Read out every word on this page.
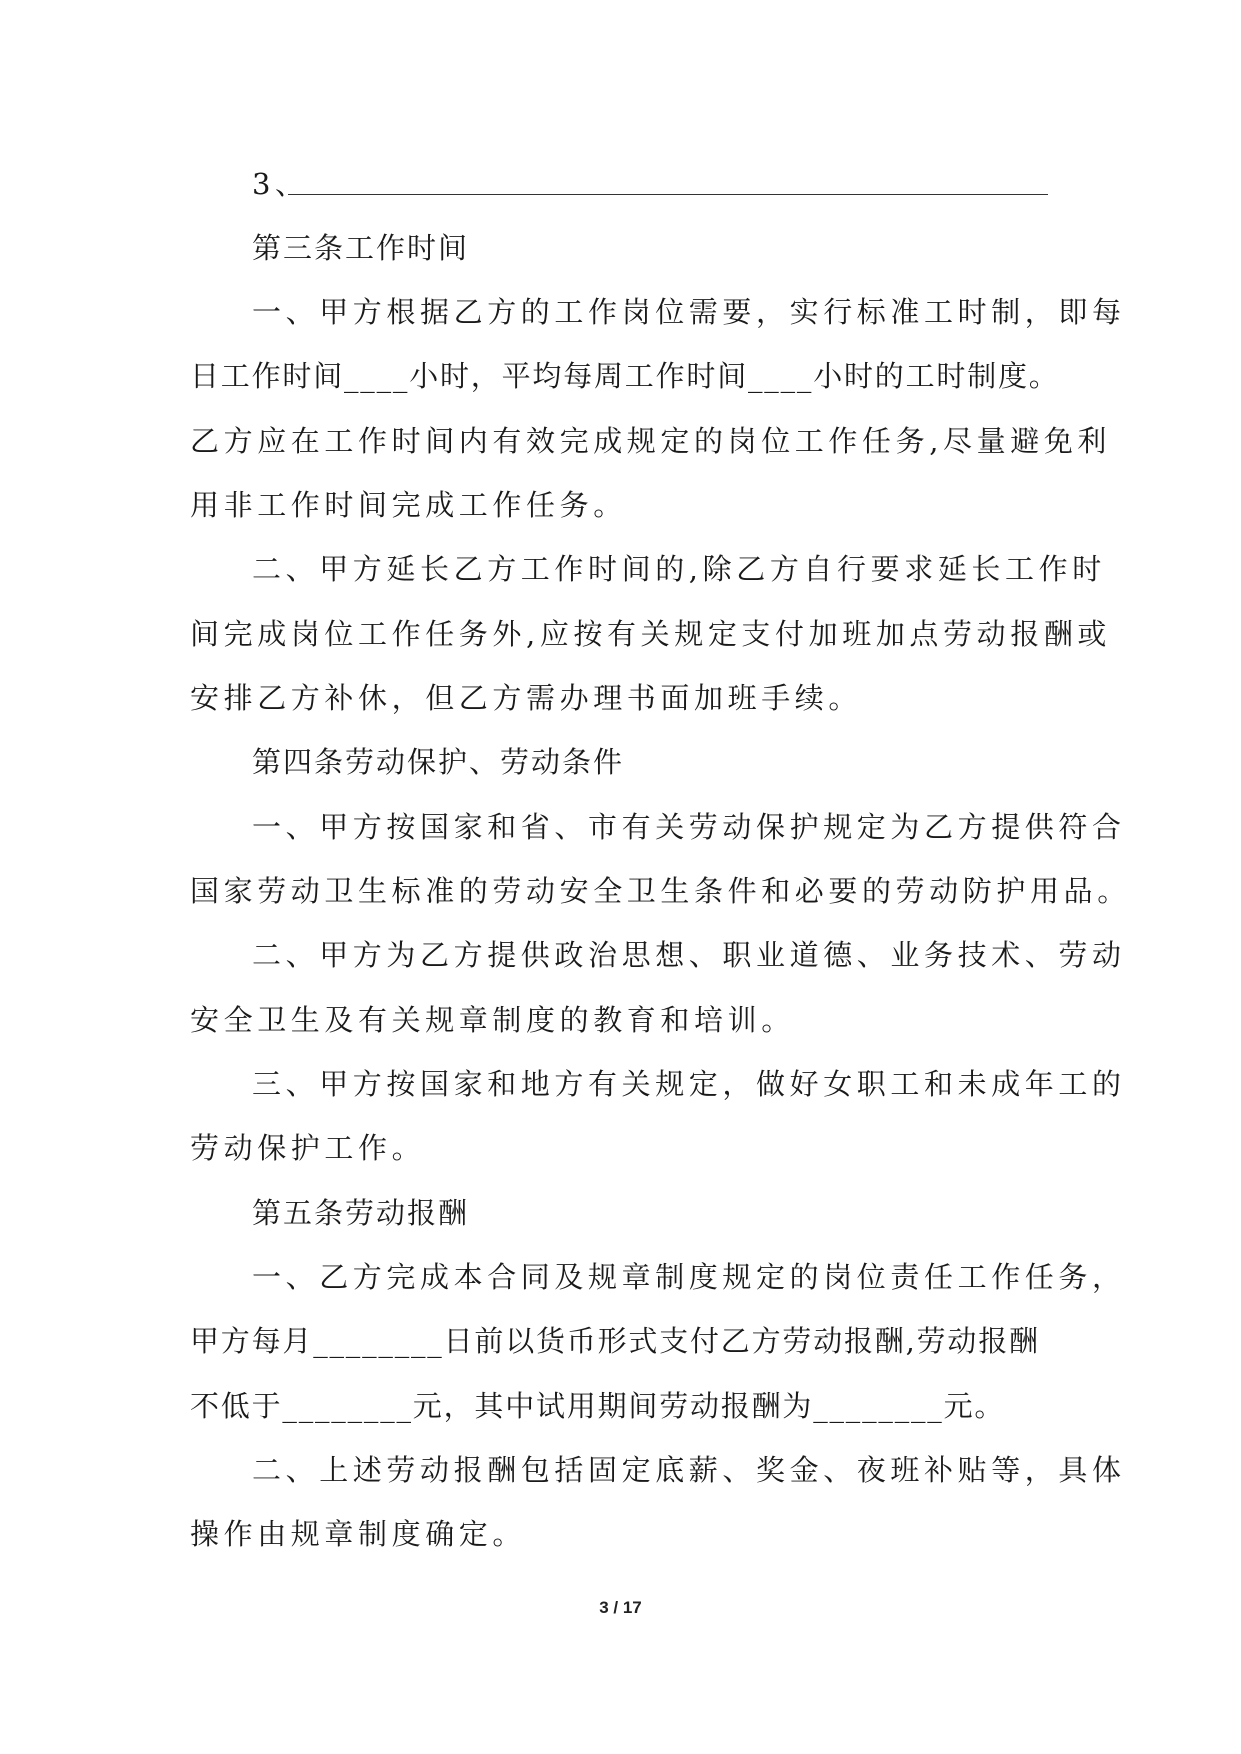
3、
第三条工作时间
一、甲方根据乙方的工作岗位需要，实行标准工时制，即每
日工作时间____小时，平均每周工作时间____小时的工时制度。
乙方应在工作时间内有效完成规定的岗位工作任务,尽量避免利
用非工作时间完成工作任务。
二、甲方延长乙方工作时间的,除乙方自行要求延长工作时
间完成岗位工作任务外,应按有关规定支付加班加点劳动报酬或
安排乙方补休，但乙方需办理书面加班手续。
第四条劳动保护、劳动条件
一、甲方按国家和省、市有关劳动保护规定为乙方提供符合
国家劳动卫生标准的劳动安全卫生条件和必要的劳动防护用品。
二、甲方为乙方提供政治思想、职业道德、业务技术、劳动
安全卫生及有关规章制度的教育和培训。
三、甲方按国家和地方有关规定，做好女职工和未成年工的
劳动保护工作。
第五条劳动报酬
一、乙方完成本合同及规章制度规定的岗位责任工作任务，
甲方每月________日前以货币形式支付乙方劳动报酬,劳动报酬
不低于________元，其中试用期间劳动报酬为________元。
二、上述劳动报酬包括固定底薪、奖金、夜班补贴等，具体
操作由规章制度确定。
3 / 17
